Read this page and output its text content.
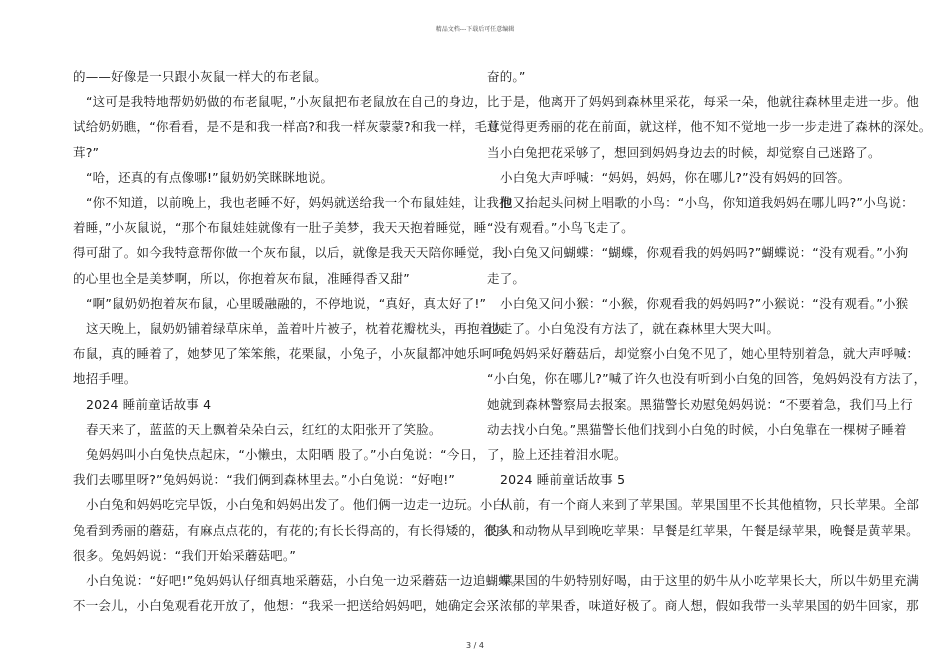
精品文档---下载后可任意编辑

的——好像是一只跟小灰鼠一样大的布老鼠。

“这可是我特地帮奶奶做的布老鼠呢，”小灰鼠把布老鼠放在自己的身边，比

试给奶奶瞧，“你看看，是不是和我一样高?和我一样灰蒙蒙?和我一样，毛茸

茸?”

“哈，还真的有点像哪!”鼠奶奶笑眯眯地说。

“你不知道，以前晚上，我也老睡不好，妈妈就送给我一个布鼠娃娃，让我抱

着睡，”小灰鼠说，“那个布鼠娃娃就像有一肚子美梦，我天天抱着睡觉，睡

得可甜了。如今我特意帮你做一个灰布鼠，以后，就像是我天天陪你睡觉，我

的心里也全是美梦啊，所以，你抱着灰布鼠，准睡得香又甜”

“啊”鼠奶奶抱着灰布鼠，心里暖融融的，不停地说，“真好，真太好了!”

这天晚上，鼠奶奶铺着绿草床单，盖着叶片被子，枕着花瓣枕头，再抱着灰

布鼠，真的睡着了，她梦见了笨笨熊，花栗鼠，小兔子，小灰鼠都冲她乐呵呵

地招手哩。

2024 睡前童话故事 4

春天来了，蓝蓝的天上飘着朵朵白云，红红的太阳张开了笑脸。

兔妈妈叫小白兔快点起床，“小懒虫，太阳晒 股了。”小白兔说：“今日，

我们去哪里呀?”兔妈妈说：“我们俩到森林里去。”小白兔说：“好咆!”

小白兔和妈妈吃完早饭，小白兔和妈妈出发了。他们俩一边走一边玩。小白

兔看到秀丽的蘑菇，有麻点点花的，有花的;有长长得高的，有长得矮的，很多

很多。兔妈妈说：“我们开始采蘑菇吧。”

小白兔说：“好吧!”兔妈妈认仔细真地采蘑菇，小白兔一边采蘑菇一边追蝴蝶。

不一会儿，小白兔观看花开放了，他想：“我采一把送给妈妈吧，她确定会兴

奋的。”

于是，他离开了妈妈到森林里采花，每采一朵，他就往森林里走进一步。他

总觉得更秀丽的花在前面，就这样，他不知不觉地一步一步走进了森林的深处。

当小白兔把花采够了，想回到妈妈身边去的时候，却觉察自己迷路了。

小白兔大声呼喊：“妈妈，妈妈，你在哪儿?”没有妈妈的回答。

他又抬起头问树上唱歌的小鸟：“小鸟，你知道我妈妈在哪儿吗?”小鸟说：

“没有观看。”小鸟飞走了。

小白兔又问蝴蝶：“蝴蝶，你观看我的妈妈吗?”蝴蝶说：“没有观看。”小狗

走了。

小白兔又问小猴：“小猴，你观看我的妈妈吗?”小猴说：“没有观看。”小猴

也走了。小白兔没有方法了，就在森林里大哭大叫。

兔妈妈采好蘑菇后，却觉察小白兔不见了，她心里特别着急，就大声呼喊：

“小白兔，你在哪儿?”喊了许久也没有听到小白兔的回答，兔妈妈没有方法了，

她就到森林警察局去报案。黑猫警长劝慰兔妈妈说：“不要着急，我们马上行

动去找小白兔。”黑猫警长他们找到小白兔的时候，小白兔靠在一棵树子睡着

了，脸上还挂着泪水呢。

2024 睡前童话故事 5

从前，有一个商人来到了苹果国。苹果国里不长其他植物，只长苹果。全部

的人和动物从早到晚吃苹果：早餐是红苹果，午餐是绿苹果，晚餐是黄苹果。

苹果国的牛奶特别好喝，由于这里的奶牛从小吃苹果长大，所以牛奶里充满

了浓郁的苹果香，味道好极了。商人想，假如我带一头苹果国的奶牛回家，那

3 / 4
